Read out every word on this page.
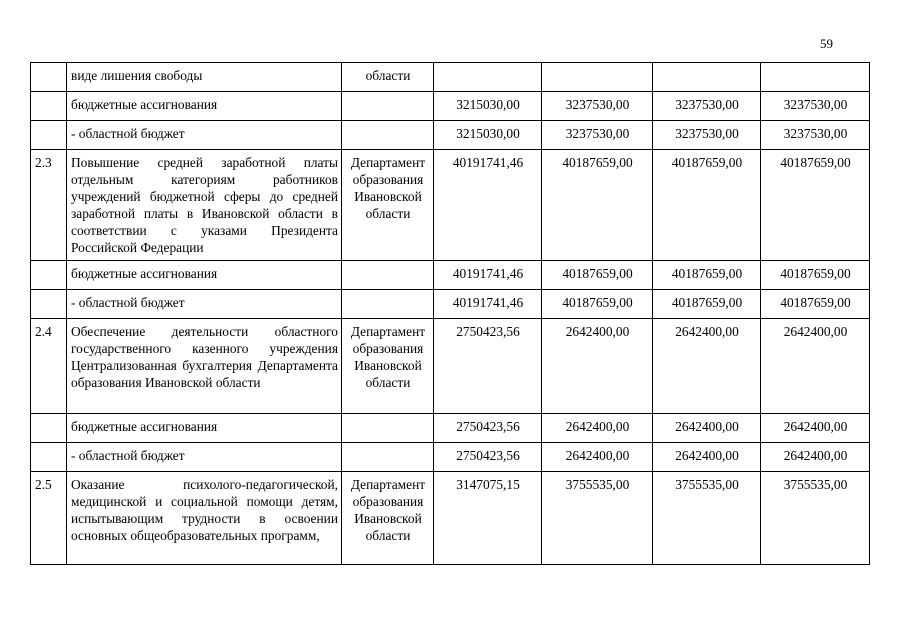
59
	виде лишения свободы	области				
	бюджетные ассигнования		3215030,00	3237530,00	3237530,00	3237530,00
	- областной бюджет		3215030,00	3237530,00	3237530,00	3237530,00
2.3	Повышение средней заработной платы отдельным категориям работников учреждений бюджетной сферы до средней заработной платы в Ивановской области в соответствии с указами Президента Российской Федерации	Департамент образования Ивановской области	40191741,46	40187659,00	40187659,00	40187659,00
	бюджетные ассигнования		40191741,46	40187659,00	40187659,00	40187659,00
	- областной бюджет		40191741,46	40187659,00	40187659,00	40187659,00
2.4	Обеспечение деятельности областного государственного казенного учреждения Централизованная бухгалтерия Департамента образования Ивановской области	Департамент образования Ивановской области	2750423,56	2642400,00	2642400,00	2642400,00
	бюджетные ассигнования		2750423,56	2642400,00	2642400,00	2642400,00
	- областной бюджет		2750423,56	2642400,00	2642400,00	2642400,00
2.5	Оказание психолого-педагогической, медицинской и социальной помощи детям, испытывающим трудности в освоении основных общеобразовательных программ,	Департамент образования Ивановской области	3147075,15	3755535,00	3755535,00	3755535,00
